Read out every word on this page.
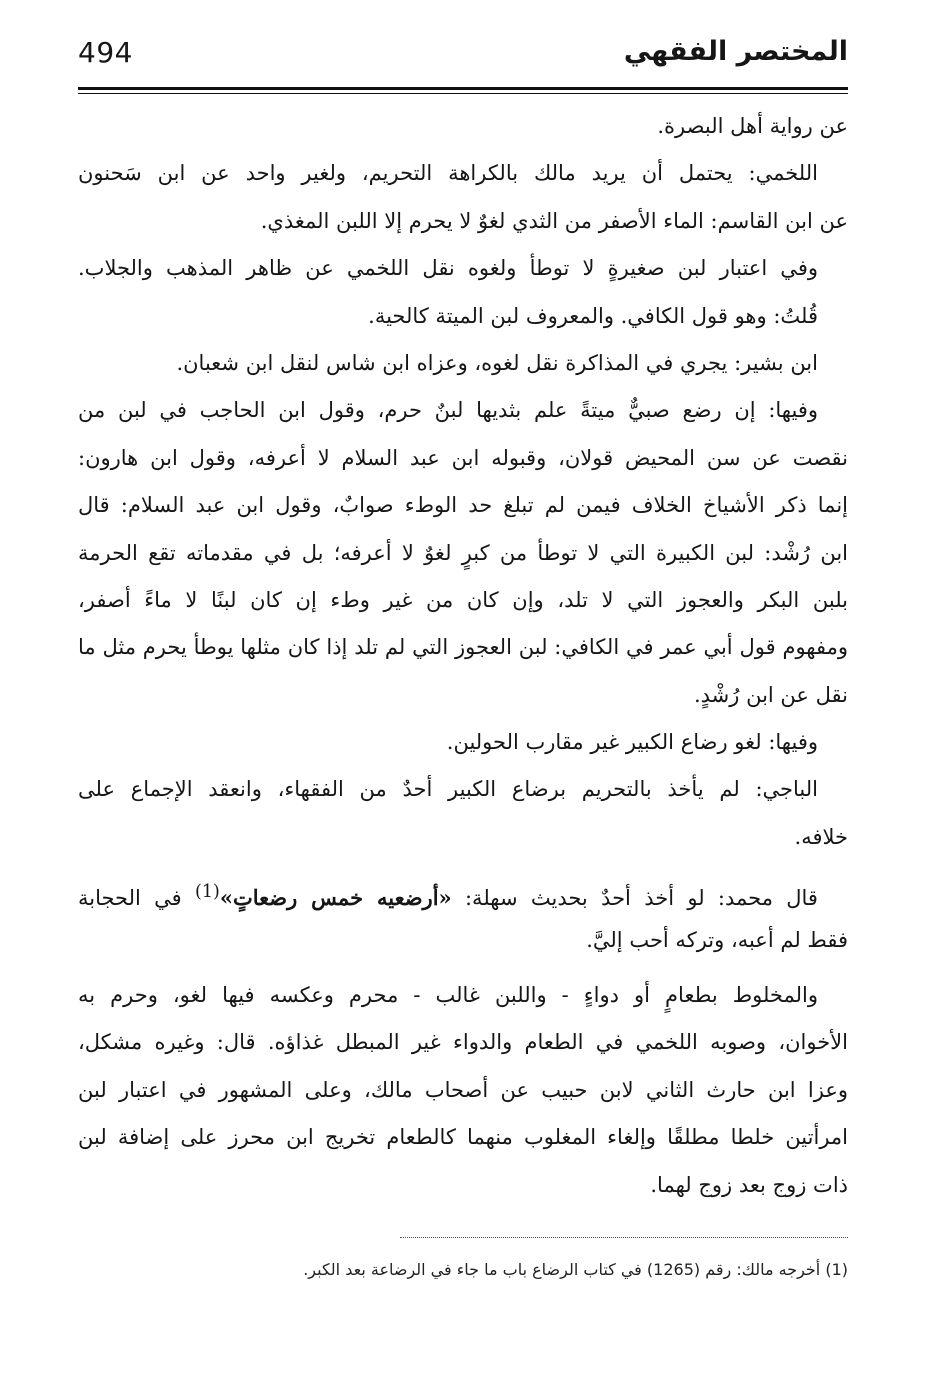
494	المختصر الفقهي
عن رواية أهل البصرة.
اللخمي: يحتمل أن يريد مالك بالكراهة التحريم، ولغير واحد عن ابن سَحنون
عن ابن القاسم: الماء الأصفر من الثدي لغوٌ لا يحرم إلا اللبن المغذي.
وفي اعتبار لبن صغيرةٍ لا توطأ ولغوه نقل اللخمي عن ظاهر المذهب والجلاب.
قُلتُ: وهو قول الكافي. والمعروف لبن الميتة كالحية.
ابن بشير: يجري في المذاكرة نقل لغوه، وعزاه ابن شاس لنقل ابن شعبان.
وفيها: إن رضع صبيٌّ ميتةً علم بثديها لبنٌ حرم، وقول ابن الحاجب في لبن من
نقصت عن سن المحيض قولان، وقبوله ابن عبد السلام لا أعرفه، وقول ابن هارون:
إنما ذكر الأشياخ الخلاف فيمن لم تبلغ حد الوطء صوابٌ، وقول ابن عبد السلام: قال
ابن رُشْد: لبن الكبيرة التي لا توطأ من كبرٍ لغوٌ لا أعرفه؛ بل في مقدماته تقع الحرمة
بلبن البكر والعجوز التي لا تلد، وإن كان من غير وطء إن كان لبنًا لا ماءً أصفر،
ومفهوم قول أبي عمر في الكافي: لبن العجوز التي لم تلد إذا كان مثلها يوطأ يحرم مثل ما
نقل عن ابن رُشْدٍ.
وفيها: لغو رضاع الكبير غير مقارب الحولين.
الباجي: لم يأخذ بالتحريم برضاع الكبير أحدٌ من الفقهاء، وانعقد الإجماع على
خلافه.
قال محمد: لو أخذ أحدٌ بحديث سهلة: «أرضعيه خمس رضعاتٍ»$^{(1)}$ في الحجابة
فقط لم أعبه، وتركه أحب إليَّ.
والمخلوط بطعامٍ أو دواءٍ - واللبن غالب - محرم وعكسه فيها لغو، وحرم به
الأخوان، وصوبه اللخمي في الطعام والدواء غير المبطل غذاؤه. قال: وغيره مشكل،
وعزا ابن حارث الثاني لابن حبيب عن أصحاب مالك، وعلى المشهور في اعتبار لبن
امرأتين خلطا مطلقًا وإلغاء المغلوب منهما كالطعام تخريج ابن محرز على إضافة لبن
ذات زوج بعد زوج لهما.
(1) أخرجه مالك: رقم (1265) في كتاب الرضاع باب ما جاء في الرضاعة بعد الكبر.
